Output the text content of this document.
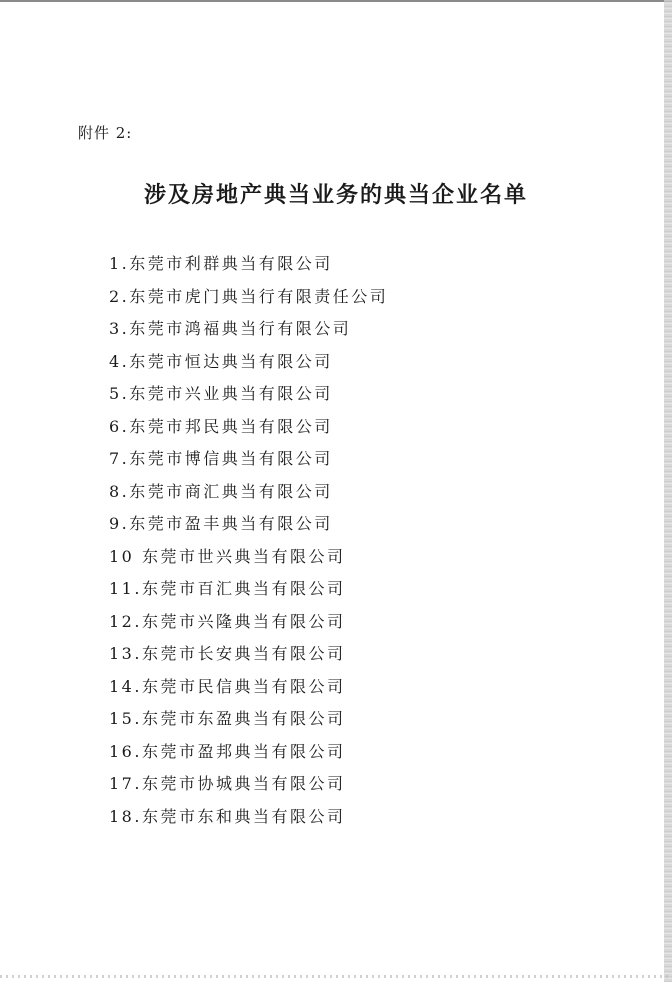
附件 2:
涉及房地产典当业务的典当企业名单
1.东莞市利群典当有限公司
2.东莞市虎门典当行有限责任公司
3.东莞市鸿福典当行有限公司
4.东莞市恒达典当有限公司
5.东莞市兴业典当有限公司
6.东莞市邦民典当有限公司
7.东莞市博信典当有限公司
8.东莞市商汇典当有限公司
9.东莞市盈丰典当有限公司
10 东莞市世兴典当有限公司
11.东莞市百汇典当有限公司
12.东莞市兴隆典当有限公司
13.东莞市长安典当有限公司
14.东莞市民信典当有限公司
15.东莞市东盈典当有限公司
16.东莞市盈邦典当有限公司
17.东莞市协城典当有限公司
18.东莞市东和典当有限公司
